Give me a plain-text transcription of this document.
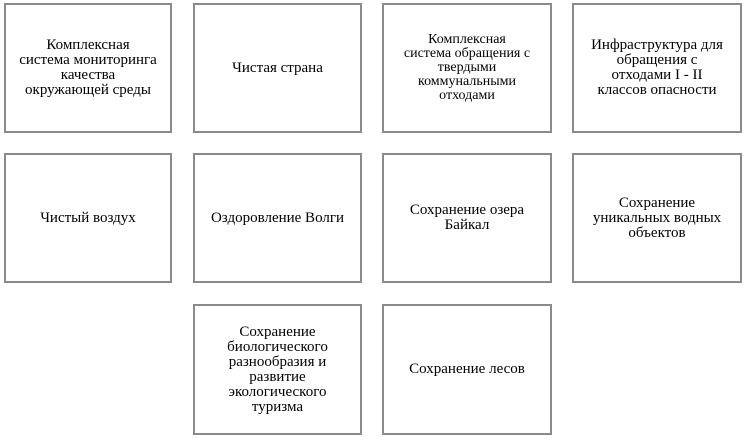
Комплексная
система мониторинга
качества
окружающей среды
Чистая страна
Комплексная
система обращения с
твердыми
коммунальными
отходами
Инфраструктура для
обращения с
отходами I - II
классов опасности
Чистый воздух	Оздоровление Волги	Сохранение озера
Байкал
Сохранение
уникальных водных
объектов
Сохранение
биологического
разнообразия и
развитие
экологического
туризма
Сохранение лесов
